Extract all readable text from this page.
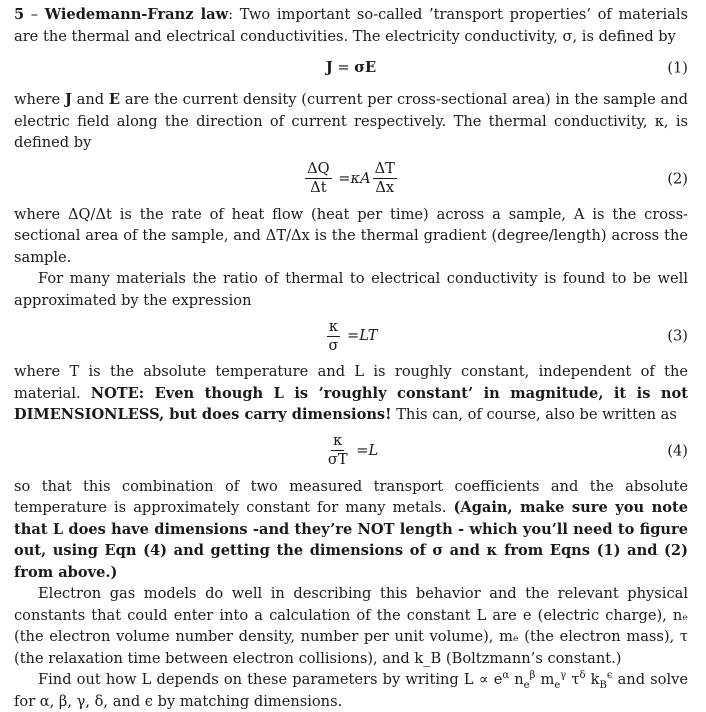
5 – Wiedemann-Franz law: Two important so-called ’transport properties’ of materials are the thermal and electrical conductivities. The electricity conductivity, σ, is defined by

J = σE	(1)

where J and E are the current density (current per cross-sectional area) in the sample and electric field along the direction of current respectively. The thermal conductivity, κ, is defined by

$\frac{\Delta Q}{\Delta t} = \kappa A \frac{\Delta T}{\Delta x}$	(2)

where ΔQ/Δt is the rate of heat flow (heat per time) across a sample, A is the cross-sectional area of the sample, and ΔT/Δx is the thermal gradient (degree/length) across the sample.

For many materials the ratio of thermal to electrical conductivity is found to be well approximated by the expression

$\frac{\kappa}{\sigma}$ = LT	(3)

where T is the absolute temperature and L is roughly constant, independent of the material. NOTE: Even though L is ’roughly constant’ in magnitude, it is not DIMENSIONLESS, but does carry dimensions! This can, of course, also be written as

$\frac{\kappa}{\sigma T} = L$	(4)

so that this combination of two measured transport coefficients and the absolute temperature is approximately constant for many metals. (Again, make sure you note that L does have dimensions -and they’re NOT length - which you’ll need to figure out, using Eqn (4) and getting the dimensions of σ and κ from Eqns (1) and (2) from above.)

Electron gas models do well in describing this behavior and the relevant physical constants that could enter into a calculation of the constant L are e (electric charge), nₑ (the electron volume number density, number per unit volume), mₑ (the electron mass), τ (the relaxation time between electron collisions), and k_B (Boltzmann’s constant.)

Find out how L depends on these parameters by writing $L \propto e^\alpha$ $n_e^\beta$ $m_e^\gamma$ $\tau^\delta$ $k_B^\epsilon$ and solve for α, β, γ, δ, and ϵ by matching dimensions.
